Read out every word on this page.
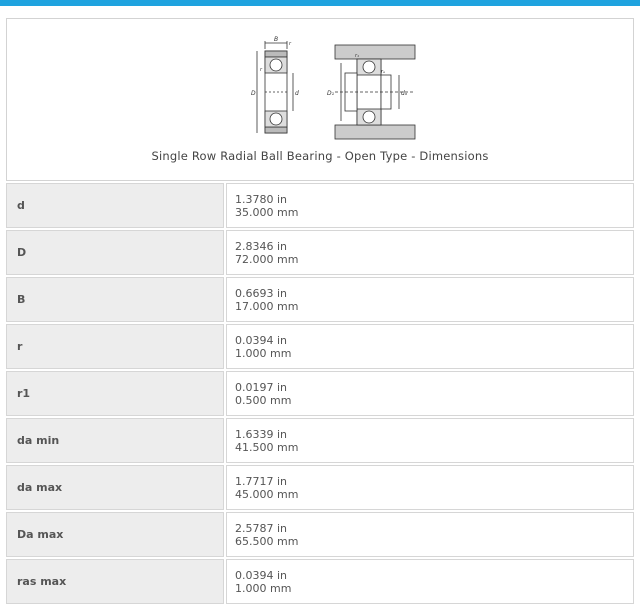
B
r
r
D	d
r₁
rₐ
D₁	dₐ
Single Row Radial Ball Bearing - Open Type - Dimensions
d	1.3780 in
35.000 mm
D	2.8346 in
72.000 mm
B	0.6693 in
17.000 mm
r	0.0394 in
1.000 mm
r1	0.0197 in
0.500 mm
da min	1.6339 in
41.500 mm
da max	1.7717 in
45.000 mm
Da max	2.5787 in
65.500 mm
ras max	0.0394 in
1.000 mm
